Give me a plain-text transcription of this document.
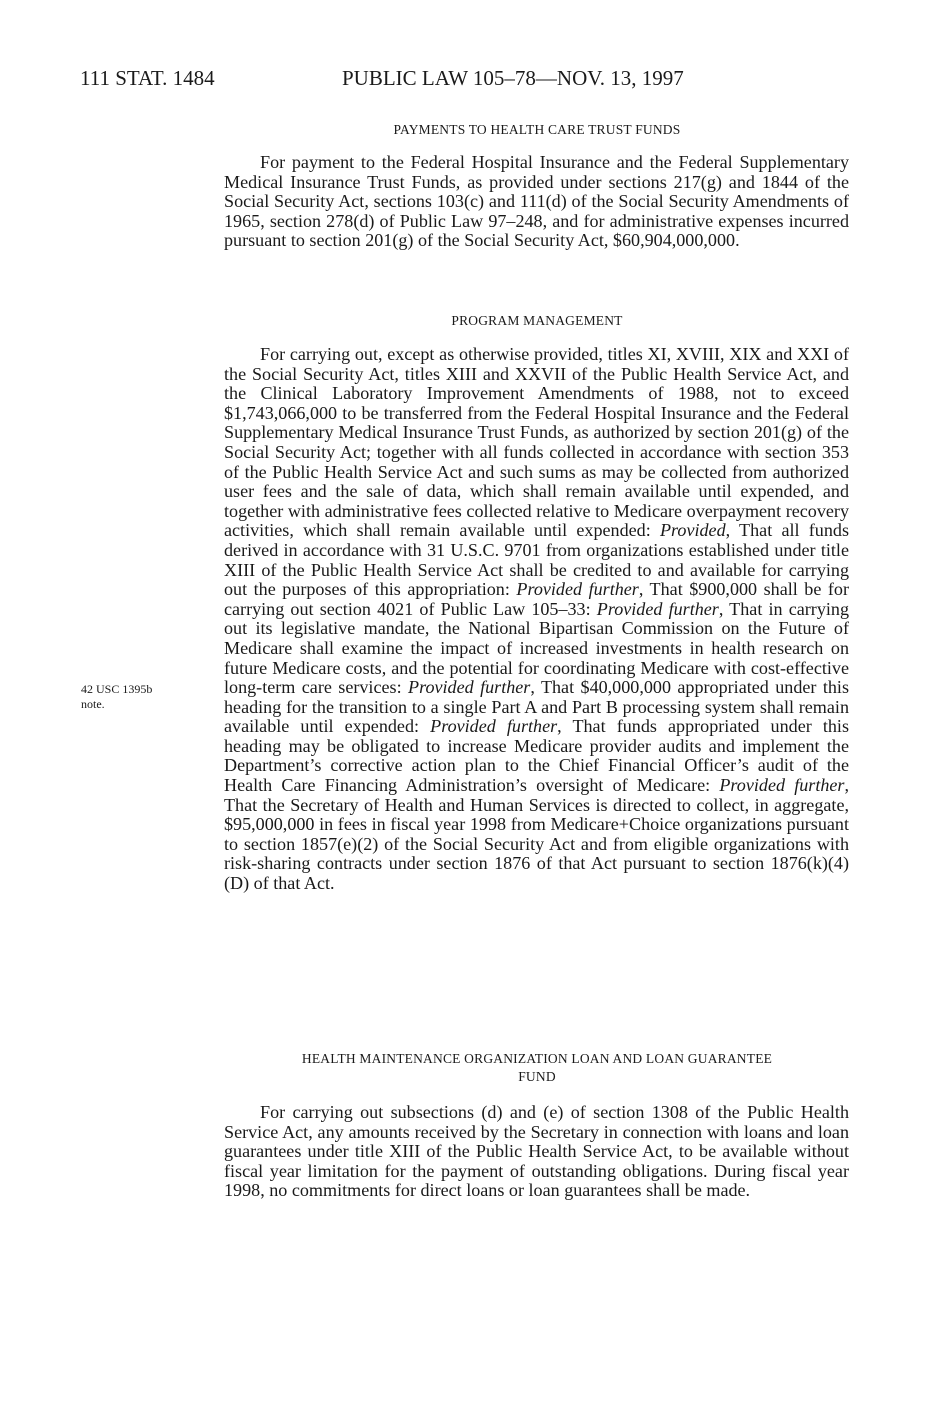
111 STAT. 1484	PUBLIC LAW 105–78—NOV. 13, 1997
PAYMENTS TO HEALTH CARE TRUST FUNDS

For payment to the Federal Hospital Insurance and the Federal Supplementary Medical Insurance Trust Funds, as provided under sections 217(g) and 1844 of the Social Security Act, sections 103(c) and 111(d) of the Social Security Amendments of 1965, section 278(d) of Public Law 97–248, and for administrative expenses incurred pursuant to section 201(g) of the Social Security Act, $60,904,000,000.

PROGRAM MANAGEMENT

For carrying out, except as otherwise provided, titles XI, XVIII, XIX and XXI of the Social Security Act, titles XIII and XXVII of the Public Health Service Act, and the Clinical Laboratory Improvement Amendments of 1988, not to exceed $1,743,066,000 to be transferred from the Federal Hospital Insurance and the Federal Supplementary Medical Insurance Trust Funds, as authorized by section 201(g) of the Social Security Act; together with all funds collected in accordance with section 353 of the Public Health Service Act and such sums as may be collected from authorized user fees and the sale of data, which shall remain available until expended, and together with administrative fees collected relative to Medicare overpayment recovery activities, which shall remain available until expended: Provided, That all funds derived in accordance with 31 U.S.C. 9701 from organizations established under title XIII of the Public Health Service Act shall be credited to and available for carrying out the purposes of this appropriation: Provided further, That $900,000 shall be for carrying out section 4021 of Public Law 105–33: Provided further, That in carrying out its legislative mandate, the National Bipartisan Commission on the Future of Medicare shall examine the impact of increased investments in health research on future Medicare costs, and the potential for coordinating Medicare with cost-effective long-term care services: Provided further, That $40,000,000 appropriated under this heading for the transition to a single Part A and Part B processing system shall remain available until expended: Provided further, That funds appropriated under this heading may be obligated to increase Medicare provider audits and implement the Department’s corrective action plan to the Chief Financial Officer’s audit of the Health Care Financing Administration’s oversight of Medicare: Provided further, That the Secretary of Health and Human Services is directed to collect, in aggregate, $95,000,000 in fees in fiscal year 1998 from Medicare+Choice organizations pursuant to section 1857(e)(2) of the Social Security Act and from eligible organizations with risk-sharing contracts under section 1876 of that Act pursuant to section 1876(k)(4)(D) of that Act.

42 USC 1395b
note.
HEALTH MAINTENANCE ORGANIZATION LOAN AND LOAN GUARANTEE
FUND

For carrying out subsections (d) and (e) of section 1308 of the Public Health Service Act, any amounts received by the Secretary in connection with loans and loan guarantees under title XIII of the Public Health Service Act, to be available without fiscal year limitation for the payment of outstanding obligations. During fiscal year 1998, no commitments for direct loans or loan guarantees shall be made.
